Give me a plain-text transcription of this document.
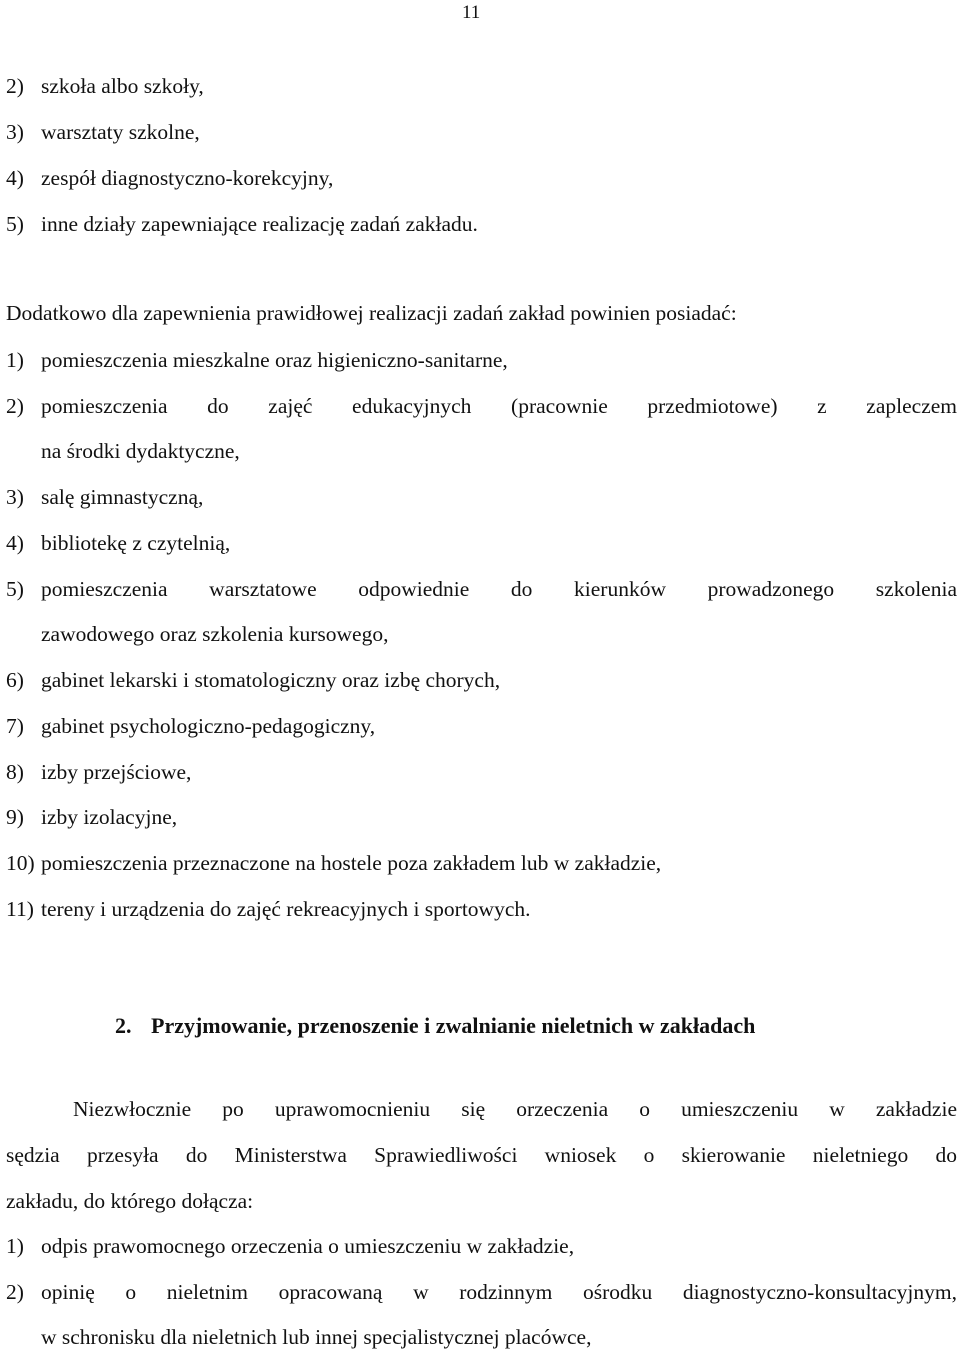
11
2) szkoła albo szkoły,
3) warsztaty szkolne,
4) zespół diagnostyczno-korekcyjny,
5) inne działy zapewniające realizację zadań zakładu.
Dodatkowo dla zapewnienia prawidłowej realizacji zadań zakład powinien posiadać:
1) pomieszczenia mieszkalne oraz higieniczno-sanitarne,
2) pomieszczenia do zajęć edukacyjnych (pracownie przedmiotowe) z zapleczem
na środki dydaktyczne,
3) salę gimnastyczną,
4) bibliotekę z czytelnią,
5) pomieszczenia warsztatowe odpowiednie do kierunków prowadzonego szkolenia
zawodowego oraz szkolenia kursowego,
6) gabinet lekarski i stomatologiczny oraz izbę chorych,
7) gabinet psychologiczno-pedagogiczny,
8) izby przejściowe,
9) izby izolacyjne,
10) pomieszczenia przeznaczone na hostele poza zakładem lub w zakładzie,
11) tereny i urządzenia do zajęć rekreacyjnych i sportowych.
2. Przyjmowanie, przenoszenie i zwalnianie nieletnich w zakładach
Niezwłocznie po uprawomocnieniu się orzeczenia o umieszczeniu w zakładzie
sędzia przesyła do Ministerstwa Sprawiedliwości wniosek o skierowanie nieletniego do
zakładu, do którego dołącza:
1) odpis prawomocnego orzeczenia o umieszczeniu w zakładzie,
2) opinię o nieletnim opracowaną w rodzinnym ośrodku diagnostyczno-konsultacyjnym,
w schronisku dla nieletnich lub innej specjalistycznej placówce,
